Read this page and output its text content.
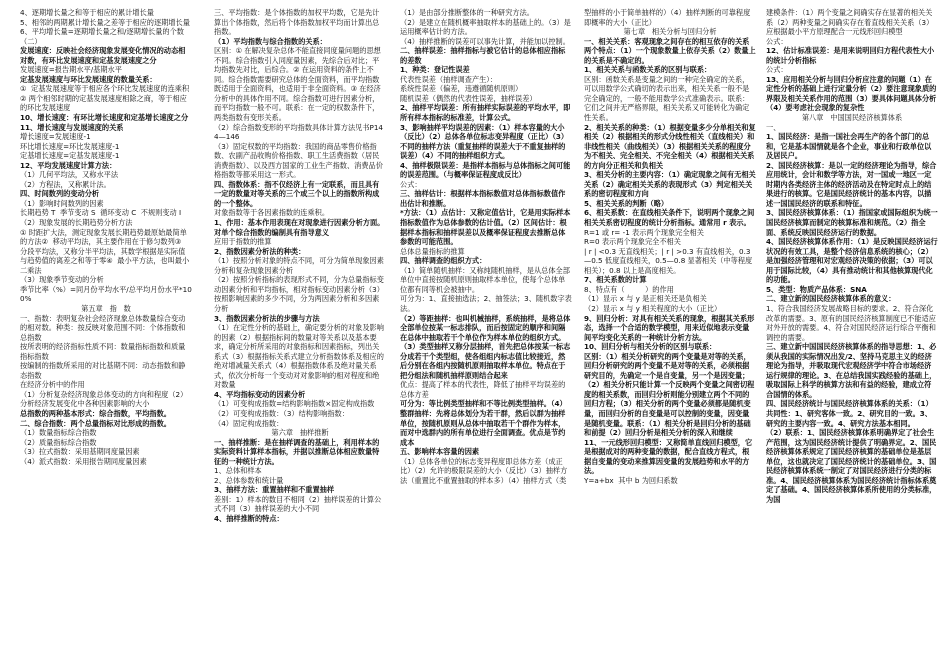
4、逐期增长量之和等于相应的累计增长量

5、相邻的两期累计增长量之差等于相应的逐期增长量

6、平均增长量=逐期增长量之和/逐期增长量的个数

（二）

发展速度：反映社会经济现象发展变化情况的动态相对数，有环比发展速度和定基发展速度之分

发展速度=报告期水平/基期水平

定基发展速度与环比发展速度的数量关系：

①  定基发展速度等于相应各个环比发展速度的连乘积② 两个相邻时期的定基发展速度相除之商，等于相应的环比发展速度

10、增长速度：有环比增长速度和定基增长速度之分

11、增长速度与发展速度的关系

增长速度=发展速度-1

环比增长速度=环比发展速度-1

定基增长速度=定基发展速度-1

12、平均发展速度计算方法：

（1）几何平均法，又称水平法

（2）方程法，又称累计法。

四、时间数列的变动分析

（1）影响时间数列的因素

长期趋势 T  季节变动 S  循环变动 C  不规则变动 I

（2）现象发展的长期趋势分析方法

① 时距扩大法，测定现象发展长期趋势最原始最简单的方法②  移动平均法，其主要作用在于修匀数列③  分段平均法，又称分半平均法，其数学根据是实际值与趋势值的离差之和等于零④  最小平方法，也叫最小二乘法

（3）现象季节变动的分析

季节比率（%）=同月份平均水平/总平均月份水平*100%

第五章   指   数

一、指数：表明复杂社会经济现象总体数量综合变动的相对数。种类：按反映对象范围不同：个体指数和总指数

按所表明的经济指标性质不同：数量指标指数和质量指标指数

按编制的指数所采用的对比基期不同：动态指数和静态指数

在经济分析中的作用

（1）分析复杂经济现象总体变动的方向和程度（2）分析经济发展变化中各种因素影响的大小

总指数的两种基本形式：综合指数，平均指数。

二、综合指数：两个总量指标对比形成的指数。

（1）数量指标综合指数

（2）质量指标综合指数

（3）拉式指数：采用基期同度量因素

（4）派式指数：采用报告期同度量因素

三、平均指数：是个体指数的加权平均数，它是先计算出个体指数，然后将个体指数加权平均而计算出总指数。

（1）平均指数与综合指数的关系：

区别：① 在解决复杂总体不能直接同度量问题的思想不同。综合指数引入同度量因素，先综合后对比；平均指数先对比，后综合。② 在运用资料的条件上不同。综合指数需要研究总体的全面资料，而平均指数既适用于全面资料，也适用于非全面资料。③ 在经济分析中的具体作用不同。综合指数可进行因素分析，而平均指数一般不可。联系：在一定的权数条件下，两类指数有变形关系。

（2）综合指数变形的平均指数具体计算方法见书P144—146

（3）固定权数的平均指数：我国的商品零售价格指数、农副产品收购价格指数、职工生活费指数（居民消费指数）、以及西方国家的工业生产指数、消费品价格指数等都采用这一形式。

四、指数体系：指不仅经济上有一定联系，而且具有一定的数量对等关系的三个或三个以上的指数所构成的一个整体。

对象指数等于各因素指数的连乘积。

1、作用：基本作用表现在对现象进行因素分析方面。对单个综合指数的编制具有指导意义

应用于指数的推算

2、指数因素分析法的种类：

（1）按照分析对象的特点不同，可分为简单现象因素分析和复杂现象因素分析

（2）按照分析指标的表现形式不同，分为总量指标变动因素分析和平均指标，相对指标变动因素分析（3）按照影响因素的多少不同，分为两因素分析和多因素分析

3、指数因素分析法的步骤与方法

（1）在定性分析的基础上，确定要分析的对象及影响的因素（2）根据指标间的数量对等关系以及基本要求，确定分析所采用的对象指标和因素指标，列出关系式（3）根据指标关系式建立分析指数体系及相应的绝对增减量关系式（4）根据指数体系及绝对量关系式，依次分析每一个变动对对象影响的相对程度和绝对数量

4、平均指标变动的因素分析

（1）可变构成指数=结构影响指数×固定构成指数（2）可变构成指数：（3）结构影响指数：

（4）固定构成指数：

第六章   抽样推断

一、抽样推断：是在抽样调查的基础上，利用样本的实际资料计算样本指标，并据以推断总体相应数量特征的一种统计方法。

1、总体和样本

2、总体参数和统计量

3、抽样方法：重置抽样和不重置抽样

差别：1）样本的数目不相同（2）抽样误差的计算公式不同（3）抽样误差的大小不同

4、抽样推断的特点：

（1）是由部分推断整体的一种研究方法。

（2）是建立在随机概率抽取样本的基础上的。（3）是运用概率估计的方法。

（4）抽样推断的误差可以事先计算，并能加以控制。

二、抽样误差：抽样指标与被它估计的总体相应指标的差数

1、种类：登记性误差

代表性误差（抽样调查产生）：

系统性误差（偏差，违遵循随机原则）

随机误差（偶然的代表性误差，抽样误差）

2、抽样平均误差：所有抽样实际误差的平均水平，即所有样本指标的标准差，计算公式。

3、影响抽样平均误差的因素：（1）样本容量的大小（反比）（2）总体各单位标志变异程度（正比）（3）不同的抽样方法（重复抽样的误差大于不重复抽样的误差）（4）不同的抽样组织方式。

4、抽样极限误差：是指样本指标与总体指标之间可能的误差范围。（与概率保证程度成反比）

公式：

三、抽样估计：根据样本指标数值对总体指标数值作出估计和推断。

*方法：（1）点估计：又称定值估计，它是用实际样本指标数值作为总体参数的估计值。（2）区间估计：根据样本指标和抽样误差以及概率保证程度去推断总体参数的可能范围。

总体总量指标的推算

四、抽样调查的组织方式：

（1）简单随机抽样：又称纯随机抽样，是从总体全部单位中直接按随机原则抽取样本单位，使每个总体单位都有同等机会被抽中。

可分为：1、直接抽选法；2、抽签法；3、随机数字表法。

（2）等距抽样：也叫机械抽样，系统抽样，是将总体全部单位按某一标志排队，而后按固定的顺序和间隔在总体中抽取若干个单位作为样本单位的组织方式。

（3）类型抽样又称分层抽样，首先把总体按某一标志分成若干个类型组，使各组组内标志值比较接近，然后分别在各组内按随机原则抽取样本单位。特点在于把分组法和随机抽样原则结合起来

优点：提高了样本的代表性，降低了抽样平均误差的总体方差

可分为：等比例类型抽样和不等比例类型抽样。（4）整群抽样：先将总体划分为若干群，然后以群为抽样单位，按随机原则从总体中抽取若干个群作为样本，而对中选群内的所有单位进行全面调查。优点是节约成本

五、影响样本容量的因素

（1）总体各单位的标志变异程度即总体方差（成正比）（2）允许的极限误差的大小（反比）（3）抽样方法（重置比不重置抽取的样本多）（4）抽样方式（类

型抽样的小于简单抽样的）（4）抽样判断的可靠程度即概率的大小（正比）

第七章   相关分析与回归分析

一、相关关系：客观现象之间存在的相互依存的关系

两个特点：（1）一个现象数量上依存关系（2）数量上的关系是不确定的。

1、相关关系与函数关系的区别与联系：

区别：函数关系是变量之间的一种完全确定的关系，可以用数学公式确切的表示出来，相关关系一般不是完全确定的，一般不能用数学公式准确表示。联系：它们之间并无严格界限，相关关系又可能转化为确定性关系。

2、相关关系的种类：（1）根据变量多少分单相关和复相关（2）根据相关的形式分线性相关（直线相关）和非线性相关（曲线相关）（3）根据相关关系的程度分为不相关、完全相关、不完全相关（4）根据相关关系的方向分正相关和负相关

3、相关分析的主要内容：（1）确定现象之间有无相关关系（2）确定相关关系的表现形式（3）判定相关关系的密切程度和方向

5、相关关系的判断（略）

6、相关系数：在直线相关条件下，说明两个现象之间相关关系密切程度的统计分析指标。通常用 r 表示。

R=1 或 r= -1 表示两个现象完全相关

R=0 表示两个现象完全不相关

| r | <0.3 无直线相关；| r | >0.3 有直线相关，0.3—0.5 低度直线相关，0.5—0.8 显著相关（中等程度相关）；0.8 以上是高度相关。

7、相关系数的计算

8、特点有（         ）的作用

（1）显示 x 与 y 是正相关还是负相关

（2）显示 x 与 y 相关程度的大小（正比）

9、回归分析：对具有相关关系的现象，根据其关系形态，选择一个合适的数学模型，用来近似地表示变量间平均变化关系的一种统计分析方法。

10、回归分析与相关分析的区别与联系：

区别：（1）相关分析研究的两个变量是对等的关系，回归分析研究的两个变量不是对等的关系，必须根据研究目的，先确定一个是自变量，另一个是因变量；（2）相关分析只能计算一个反映两个变量之间密切程度的相关系数，而回归分析则能分别建立两个不同的回归方程；（3）相关分析的两个变量必须都是随机变量，而回归分析的自变量是可以控制的变量，因变量是随机变量。联系：（1）相关分析是回归分析的基础和前提（2）回归分析是相关分析的深入和继续

11、一元线形回归模型：又称简单直线回归模型，它是根据成对的两种变量的数据，配合直线方程式，根据自变量的变动来推算因变量的发展趋势和水平的方法。

Y=a+bx  其中 b 为回归系数

建模条件：（1）两个变量之间确实存在显著的相关关系（2）两种变量之间确实存在着直线相关关系（3）应根据最小平方原理配合一元线形回归模型

公式：

12、估计标准误差：是用来说明回归方程代表性大小的统计分析指标

公式：

13、应用相关分析与回归分析应注意的问题（1）在定性分析的基础上进行定量分析（2）要注意现象质的界限及相关关系作用的范围（3）要具体问题具体分析（4）要考虑社会现象的复杂性

第八章   中国国民经济核算体系

一、

1、国民经济：是指一国社会再生产的各个部门的总和，它是基本国情就是各个企业，事业和行政单位以及居民户。

2、国民经济核算：是以一定的经济理论为指导，综合应用统计，会计和数学等方法，对一国或一地区一定时期内各类经济主体的经济活动及在特定时点上的结果进行的核算。它是国民经济统计的基本内容，以描述一国国民经济的联系和特征。

3、国民经济核算体系：（1）指国家或国际组织为统一国民经济核算而制定的核算标准和规范。（2）指全面、系统反映国民经济运行的数据。

4、国民经济核算体系作用：（1）是反映国民经济运行状况的有效工具，是整个经济信息系统的核心；（2）是加强经济管理和对宏观经济决策的依据；（3）可以用于国际比较，（4）具有推动统计和其他核算现代化的功能。

5、类型：物质产品体系：SNA

二、建立新的国民经济核算体系的意义：

1、符合我国经济发展战略目标的要求。2、符合深化改革的需要。3、原有的国民经济核算制度已不能适应对外开放的需要。4、符合对国民经济运行综合平衡和调控的需要。

三、建立新中国国民经济核算体系的指导思想：1、必须从我国的实际情况出发/2、坚持马克思主义的经济理论为指导，并吸取现代宏观经济学中符合市场经济运行规律的理论。3、在总结我国实践经验的基础上，吸取国际上科学的核算方法和有益的经验，建成立符合国情的体系。

四、国民经济统计与国民经济核算体系的关系：（1）共同性：1、研究客体一致。2、研究目的一致。3、研究的主要内容一致。4、研究方法基本相同。

（2）联系：1、国民经济核算体系明确界定了社会生产范围，这为国民经济统计提供了明确界定。2、国民经济核算体系规定了国民经济核算的基础单位是基层单位，这也就决定了国民经济统计的基础单位。3、国民经济核算体系统一制定了对国民经济进行分类的标准。4、国民经济核算体系为国民经济统计指标体系奠定了基础。4、国民经济核算体系所使用的分类标准，为国
